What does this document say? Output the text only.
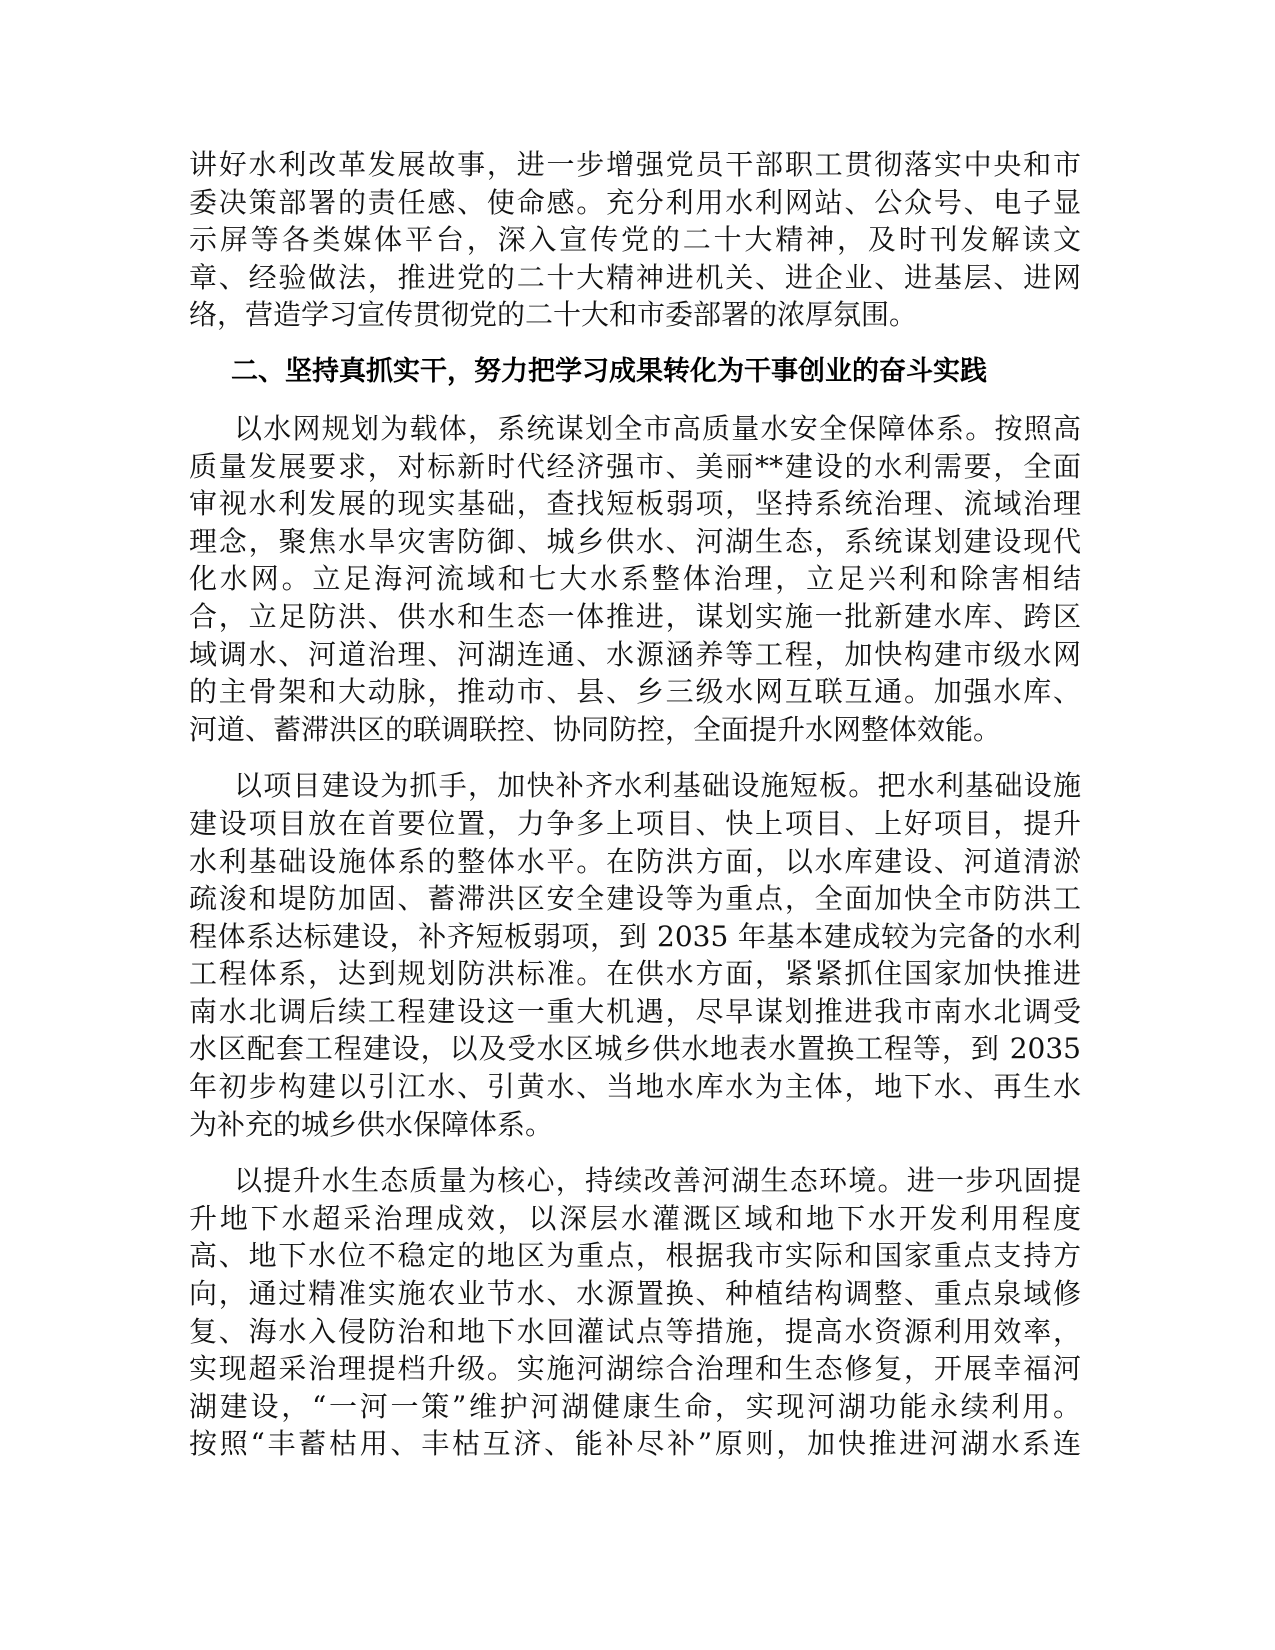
讲好水利改革发展故事，进一步增强党员干部职工贯彻落实中央和市
委决策部署的责任感、使命感。充分利用水利网站、公众号、电子显
示屏等各类媒体平台，深入宣传党的二十大精神，及时刊发解读文
章、经验做法，推进党的二十大精神进机关、进企业、进基层、进网
络，营造学习宣传贯彻党的二十大和市委部署的浓厚氛围。
二、坚持真抓实干，努力把学习成果转化为干事创业的奋斗实践
以水网规划为载体，系统谋划全市高质量水安全保障体系。按照高
质量发展要求，对标新时代经济强市、美丽**建设的水利需要，全面
审视水利发展的现实基础，查找短板弱项，坚持系统治理、流域治理
理念，聚焦水旱灾害防御、城乡供水、河湖生态，系统谋划建设现代
化水网。立足海河流域和七大水系整体治理，立足兴利和除害相结
合，立足防洪、供水和生态一体推进，谋划实施一批新建水库、跨区
域调水、河道治理、河湖连通、水源涵养等工程，加快构建市级水网
的主骨架和大动脉，推动市、县、乡三级水网互联互通。加强水库、
河道、蓄滞洪区的联调联控、协同防控，全面提升水网整体效能。
以项目建设为抓手，加快补齐水利基础设施短板。把水利基础设施
建设项目放在首要位置，力争多上项目、快上项目、上好项目，提升
水利基础设施体系的整体水平。在防洪方面，以水库建设、河道清淤
疏浚和堤防加固、蓄滞洪区安全建设等为重点，全面加快全市防洪工
程体系达标建设，补齐短板弱项，到 2035 年基本建成较为完备的水利
工程体系，达到规划防洪标准。在供水方面，紧紧抓住国家加快推进
南水北调后续工程建设这一重大机遇，尽早谋划推进我市南水北调受
水区配套工程建设，以及受水区城乡供水地表水置换工程等，到 2035
年初步构建以引江水、引黄水、当地水库水为主体，地下水、再生水
为补充的城乡供水保障体系。
以提升水生态质量为核心，持续改善河湖生态环境。进一步巩固提
升地下水超采治理成效，以深层水灌溉区域和地下水开发利用程度
高、地下水位不稳定的地区为重点，根据我市实际和国家重点支持方
向，通过精准实施农业节水、水源置换、种植结构调整、重点泉域修
复、海水入侵防治和地下水回灌试点等措施，提高水资源利用效率，
实现超采治理提档升级。实施河湖综合治理和生态修复，开展幸福河
湖建设，“一河一策”维护河湖健康生命，实现河湖功能永续利用。
按照“丰蓄枯用、丰枯互济、能补尽补”原则，加快推进河湖水系连
